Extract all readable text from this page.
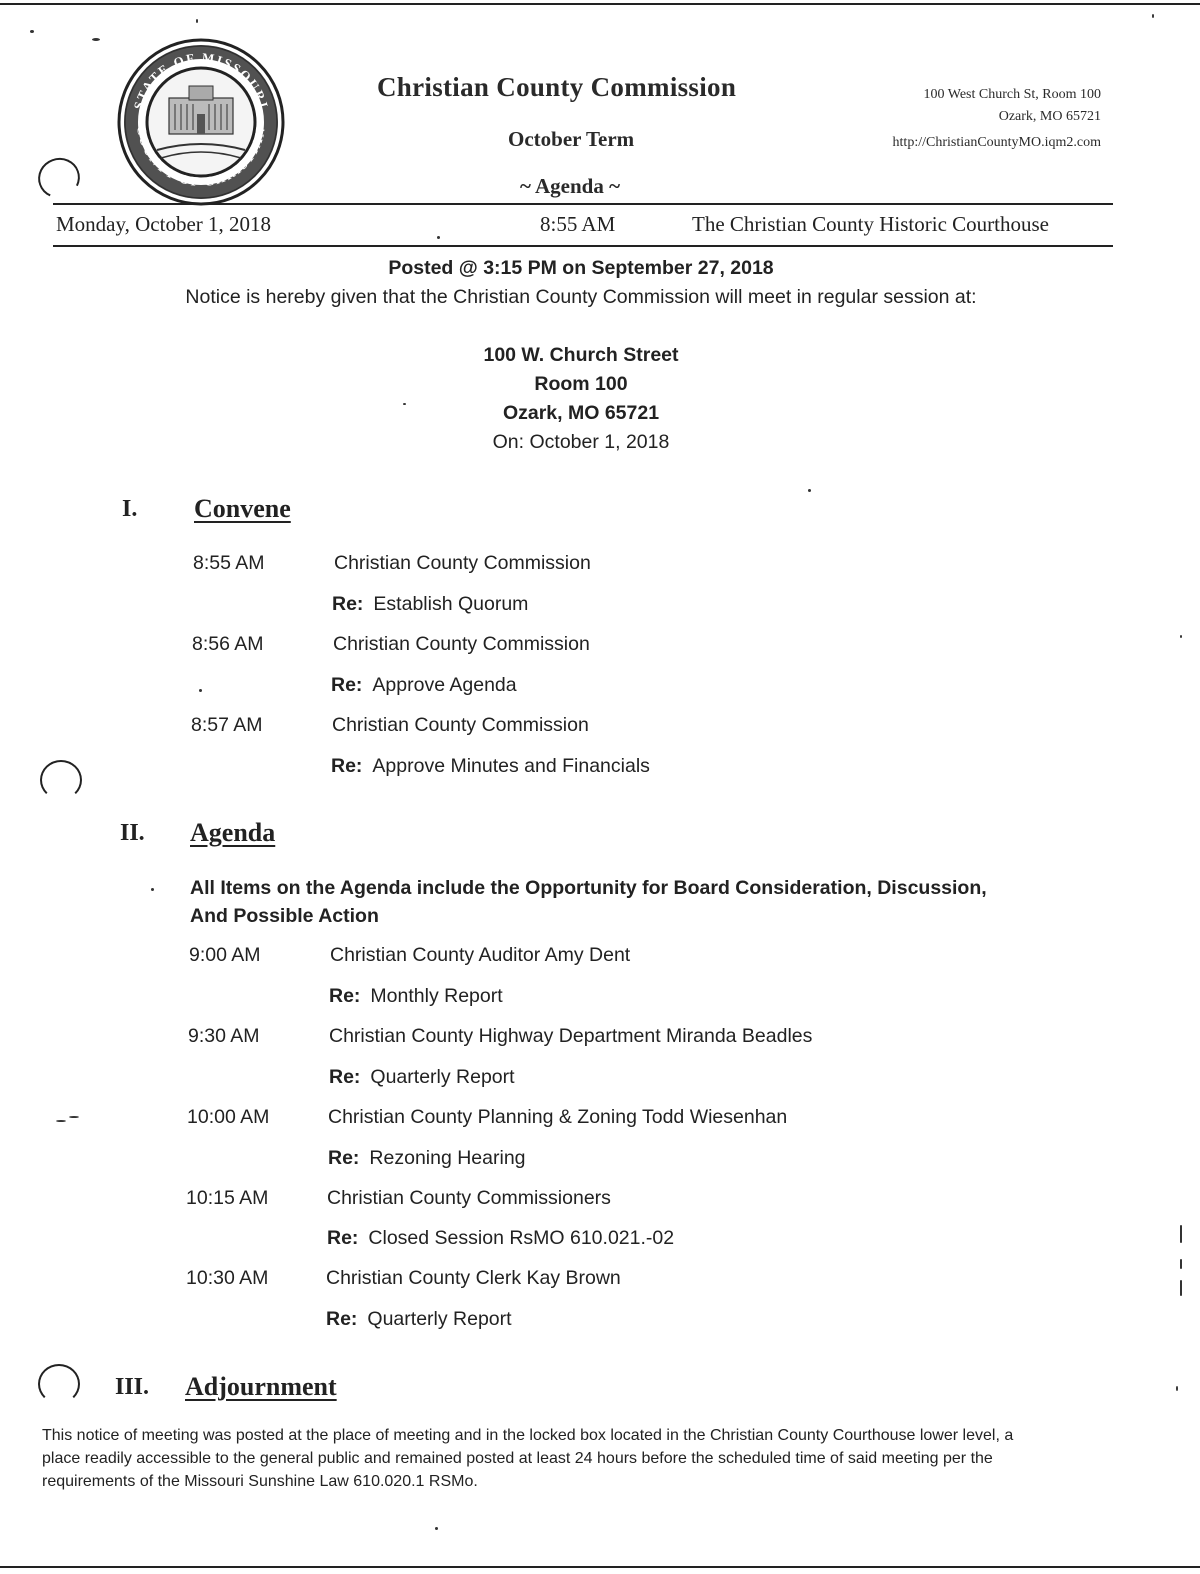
STATE OF MISSOURI
COUNTY OF CHRISTIAN
Christian County Commission
October Term
~ Agenda ~
100 West Church St, Room 100
Ozark, MO 65721
http://ChristianCountyMO.iqm2.com
Monday, October 1, 2018	8:55 AM	The Christian County Historic Courthouse
Posted @ 3:15 PM on September 27, 2018
Notice is hereby given that the Christian County Commission will meet in regular session at:
100 W. Church Street
Room 100
Ozark, MO 65721
On: October 1, 2018
I. Convene
8:55 AM	Christian County Commission
Re: Establish Quorum
8:56 AM	Christian County Commission
Re: Approve Agenda
8:57 AM	Christian County Commission
Re: Approve Minutes and Financials
II. Agenda
All Items on the Agenda include the Opportunity for Board Consideration, Discussion,
And Possible Action
9:00 AM	Christian County Auditor Amy Dent
Re: Monthly Report
9:30 AM	Christian County Highway Department Miranda Beadles
Re: Quarterly Report
10:00 AM	Christian County Planning & Zoning Todd Wiesenhan
Re: Rezoning Hearing
10:15 AM	Christian County Commissioners
Re: Closed Session RsMO 610.021.-02
10:30 AM	Christian County Clerk Kay Brown
Re: Quarterly Report
III. Adjournment
This notice of meeting was posted at the place of meeting and in the locked box located in the Christian County Courthouse lower level, a place readily accessible to the general public and remained posted at least 24 hours before the scheduled time of said meeting per the requirements of the Missouri Sunshine Law 610.020.1 RSMo.
